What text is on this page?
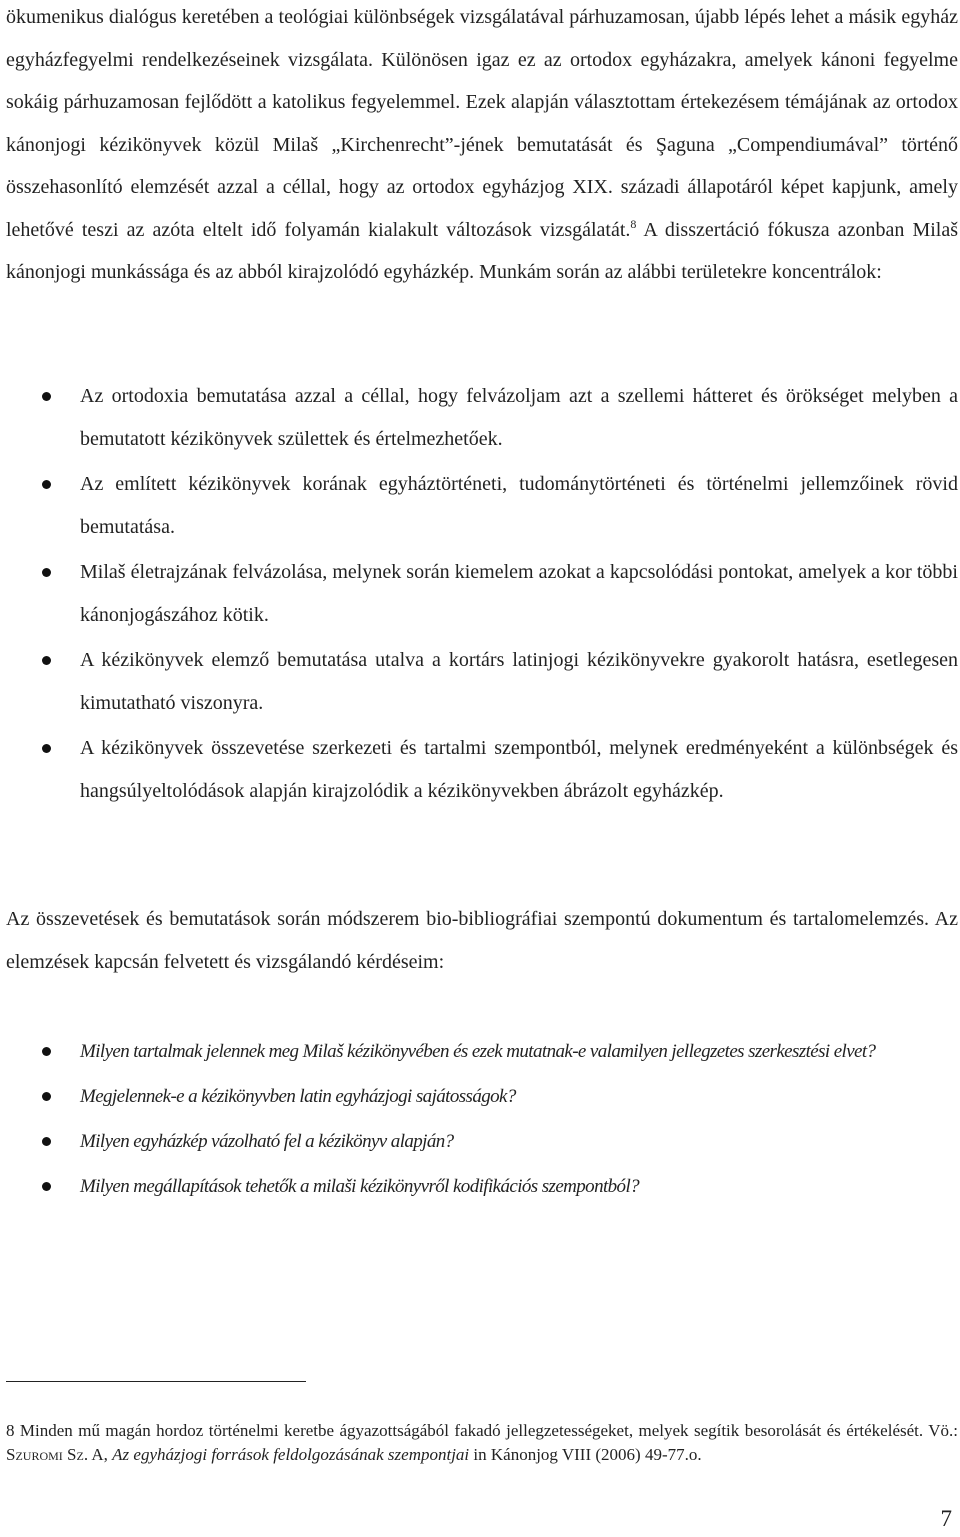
ökumenikus dialógus keretében a teológiai különbségek vizsgálatával párhuzamosan, újabb lépés lehet a másik egyház egyházfegyelmi rendelkezéseinek vizsgálata. Különösen igaz ez az ortodox egyházakra, amelyek kánoni fegyelme sokáig párhuzamosan fejlődött a katolikus fegyelemmel. Ezek alapján választottam értekezésem témájának az ortodox kánonjogi kézikönyvek közül Milaš „Kirchenrecht”-jének bemutatását és Şaguna „Compendiumával” történő összehasonlító elemzését azzal a céllal, hogy az ortodox egyházjog XIX. századi állapotáról képet kapjunk, amely lehetővé teszi az azóta eltelt idő folyamán kialakult változások vizsgálatát.$^8$ A disszertáció fókusza azonban Milaš kánonjogi munkássága és az abból kirajzolódó egyházkép. Munkám során az alábbi területekre koncentrálok:

Az ortodoxia bemutatása azzal a céllal, hogy felvázoljam azt a szellemi hátteret és örökséget melyben a bemutatott kézikönyvek születtek és értelmezhetőek.
Az említett kézikönyvek korának egyháztörténeti, tudománytörténeti és történelmi jellemzőinek rövid bemutatása.
Milaš életrajzának felvázolása, melynek során kiemelem azokat a kapcsolódási pontokat, amelyek a kor többi kánonjogászához kötik.
A kézikönyvek elemző bemutatása utalva a kortárs latinjogi kézikönyvekre gyakorolt hatásra, esetlegesen kimutatható viszonyra.
A kézikönyvek összevetése szerkezeti és tartalmi szempontból, melynek eredményeként a különbségek és hangsúlyeltolódások alapján kirajzolódik a kézikönyvekben ábrázolt egyházkép.

Az összevetések és bemutatások során módszerem bio-bibliográfiai szempontú dokumentum és tartalomelemzés. Az elemzések kapcsán felvetett és vizsgálandó kérdéseim:

Milyen tartalmak jelennek meg Milaš kézikönyvében és ezek mutatnak-e valamilyen jellegzetes szerkesztési elvet?
Megjelennek-e a kézikönyvben latin egyházjogi sajátosságok?
Milyen egyházkép vázolható fel a kézikönyv alapján?
Milyen megállapítások tehetők a milaši kézikönyvről kodifikációs szempontból?

8 Minden mű magán hordoz történelmi keretbe ágyazottságából fakadó jellegzetességeket, melyek segítik besorolását és értékelését. Vö.: Szuromi Sz. A, Az egyházjogi források feldolgozásának szempontjai in Kánonjog VIII (2006) 49-77.o.

7
